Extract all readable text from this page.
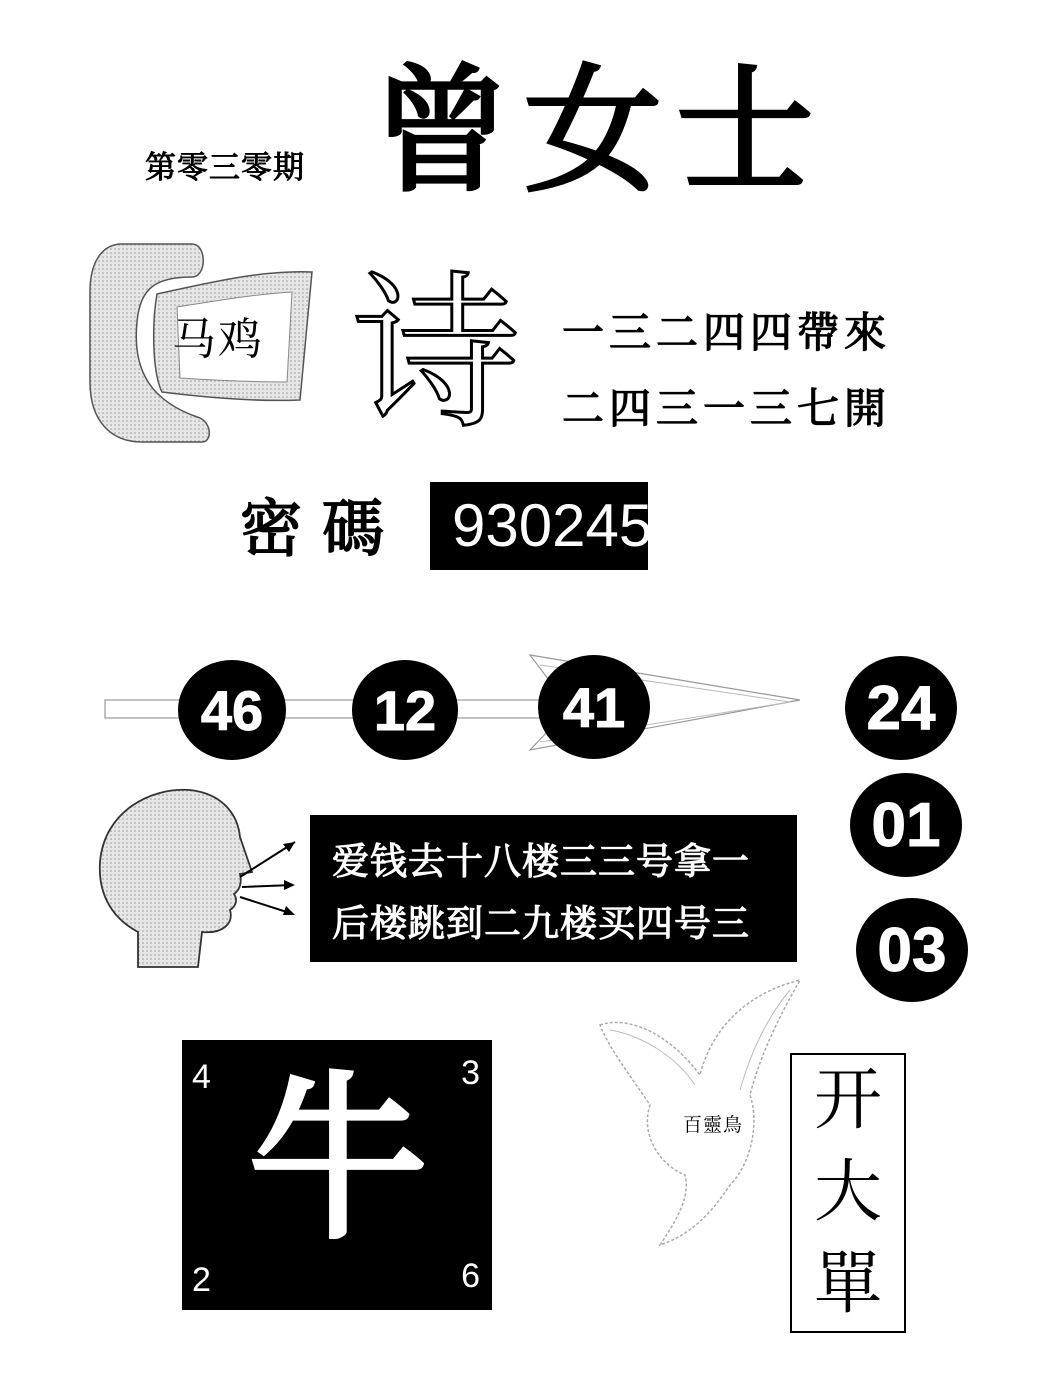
第零三零期 曾女士
马鸡 诗 一三二四四帶來
二四三一三七開
密碼 9302457
46	12	41	24
01
03
爱钱去十八楼三三号拿一
后楼跳到二九楼买四号三
4	3
2	6
牛	百靈鳥 开
大
單
